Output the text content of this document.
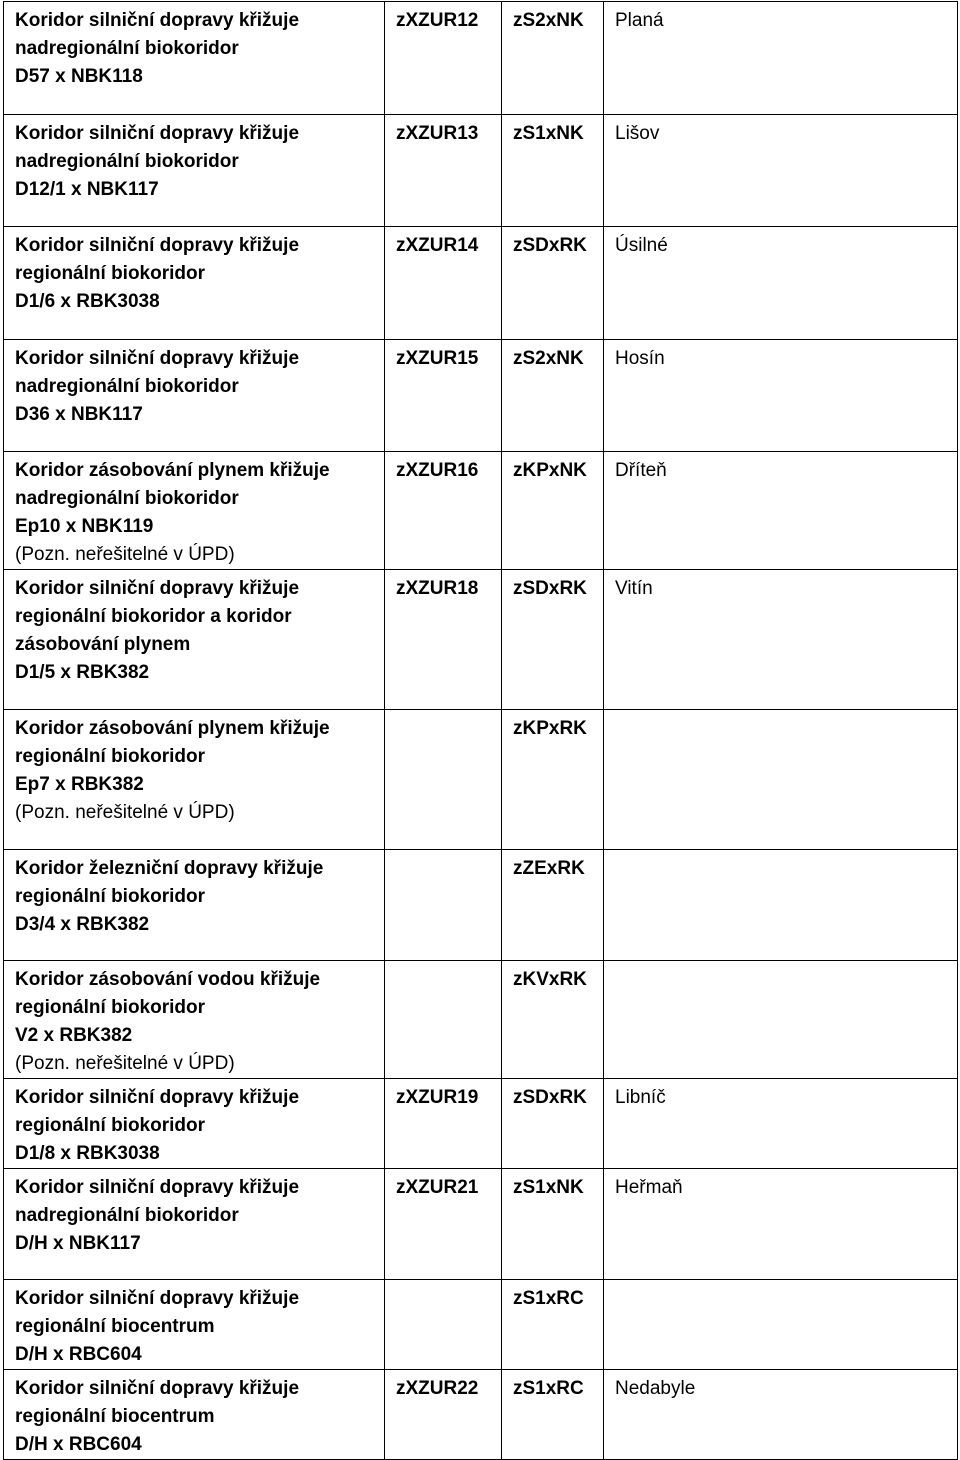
Koridor silniční dopravy křižuje
nadregionální biokoridor
D57 x NBK118	zXZUR12	zS2xNK	Planá

Koridor silniční dopravy křižuje
nadregionální biokoridor
D12/1 x NBK117	zXZUR13	zS1xNK	Lišov

Koridor silniční dopravy křižuje
regionální biokoridor
D1/6 x RBK3038	zXZUR14	zSDxRK	Úsilné

Koridor silniční dopravy křižuje
nadregionální biokoridor
D36 x NBK117	zXZUR15	zS2xNK	Hosín

Koridor zásobování plynem křižuje
nadregionální biokoridor
Ep10 x NBK119
(Pozn. neřešitelné v ÚPD)	zXZUR16	zKPxNK	Dříteň

Koridor silniční dopravy křižuje
regionální biokoridor a koridor
zásobování plynem
D1/5 x RBK382	zXZUR18	zSDxRK	Vitín

Koridor zásobování plynem křižuje
regionální biokoridor
Ep7 x RBK382
(Pozn. neřešitelné v ÚPD)		zKPxRK	

Koridor železniční dopravy křižuje
regionální biokoridor
D3/4 x RBK382		zZExRK	

Koridor zásobování vodou křižuje
regionální biokoridor
V2 x RBK382
(Pozn. neřešitelné v ÚPD)		zKVxRK	

Koridor silniční dopravy křižuje
regionální biokoridor
D1/8 x RBK3038	zXZUR19	zSDxRK	Libníč

Koridor silniční dopravy křižuje
nadregionální biokoridor
D/H x NBK117	zXZUR21	zS1xNK	Heřmaň

Koridor silniční dopravy křižuje
regionální biocentrum
D/H x RBC604		zS1xRC	

Koridor silniční dopravy křižuje
regionální biocentrum
D/H x RBC604	zXZUR22	zS1xRC	Nedabyle
